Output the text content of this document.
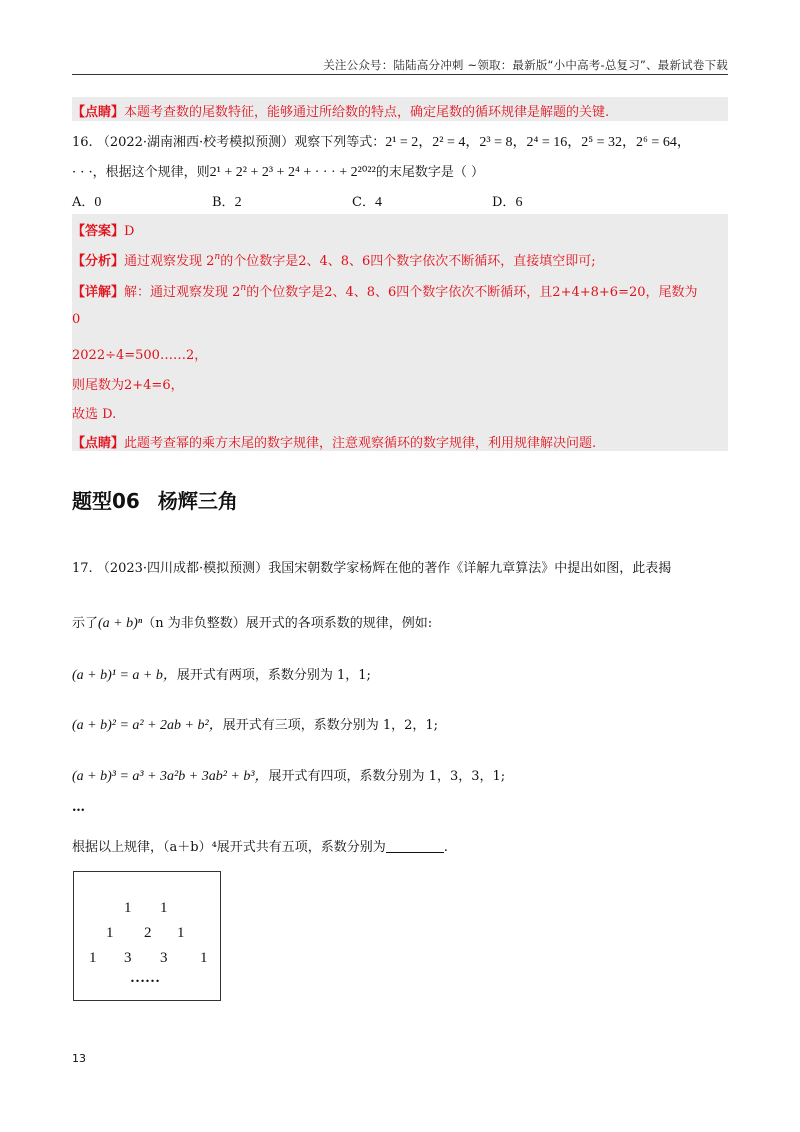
关注公众号：陆陆高分冲刺 ~领取：最新版“小中高考-总复习”、最新试卷下载
【点睛】本题考查数的尾数特征，能够通过所给数的特点，确定尾数的循环规律是解题的关键.
16. （2022·湖南湘西·校考模拟预测）观察下列等式：2¹ = 2，2² = 4，2³ = 8，2⁴ = 16，2⁵ = 32，2⁶ = 64，
· · ·，根据这个规律，则2¹ + 2² + 2³ + 2⁴ + · · · + 2²⁰²²的末尾数字是（ ）
A．0	B．2	C．4	D．6
【答案】D
【分析】通过观察发现 2$^n$的个位数字是2、4、8、6四个数字依次不断循环，直接填空即可;
【详解】解：通过观察发现 2$^n$的个位数字是2、4、8、6四个数字依次不断循环，且2+4+8+6=20，尾数为
0
2022÷4=500……2，
则尾数为2+4=6，
故选 D.
【点睛】此题考查幂的乘方末尾的数字规律，注意观察循环的数字规律，利用规律解决问题.
题型06 杨辉三角
17. （2023·四川成都·模拟预测）我国宋朝数学家杨辉在他的著作《详解九章算法》中提出如图，此表揭
示了(a + b)ⁿ（n 为非负整数）展开式的各项系数的规律，例如:
(a + b)¹ = a + b，展开式有两项，系数分别为 1，1;
(a + b)² = a² + 2ab + b²，展开式有三项，系数分别为 1，2，1;
(a + b)³ = a³ + 3a²b + 3ab² + b³，展开式有四项，系数分别为 1，3，3，1;
…
根据以上规律，（a＋b）⁴展开式共有五项，系数分别为	.
1 1
1 2 1
1 3 3 1
……
13
